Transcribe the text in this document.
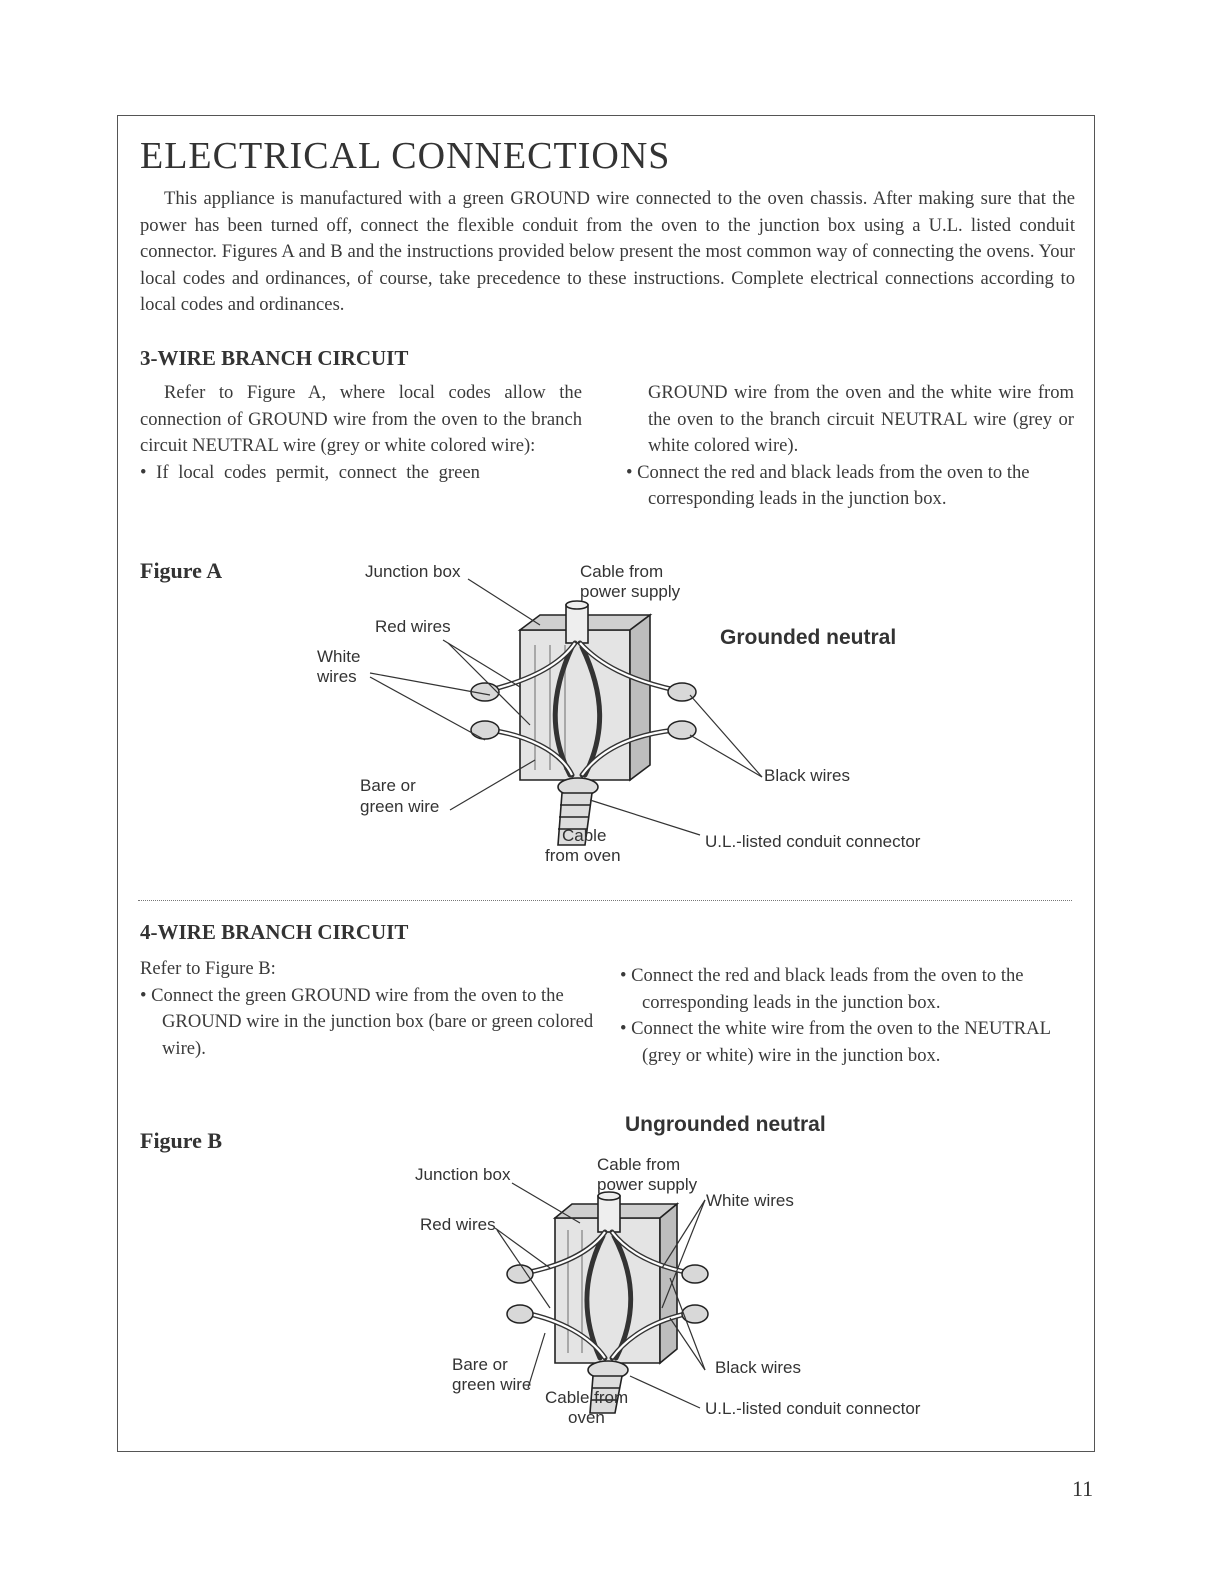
ELECTRICAL CONNECTIONS

This appliance is manufactured with a green GROUND wire connected to the oven chassis. After making sure that the power has been turned off, connect the flexible conduit from the oven to the junction box using a U.L. listed conduit connector. Figures A and B and the instructions provided below present the most common way of connecting the ovens. Your local codes and ordinances, of course, take precedence to these instructions. Complete electrical connections according to local codes and ordinances.

3-WIRE BRANCH CIRCUIT

Refer to Figure A, where local codes allow the connection of GROUND wire from the oven to the branch circuit NEUTRAL wire (grey or white colored wire):

• If local codes permit, connect the green

GROUND wire from the oven and the white wire from the oven to the branch circuit NEUTRAL wire (grey or white colored wire).

• Connect the red and black leads from the oven to the corresponding leads in the junction box.

Figure A	Junction box	Cable from
power supply
Red wires
White
wires
Bare or
green wire
Black wires
Cable
from oven
U.L.-listed conduit connector
Grounded neutral
4-WIRE BRANCH CIRCUIT

Refer to Figure B:

• Connect the green GROUND wire from the oven to the GROUND wire in the junction box (bare or green colored wire).

• Connect the red and black leads from the oven to the corresponding leads in the junction box.

• Connect the white wire from the oven to the NEUTRAL (grey or white) wire in the junction box.

Figure B
Ungrounded neutral
Junction box
Cable from
power supply
White wires
Red wires
Bare or
green wire
Black wires
Cable from
oven	U.L.-listed conduit connector
11
